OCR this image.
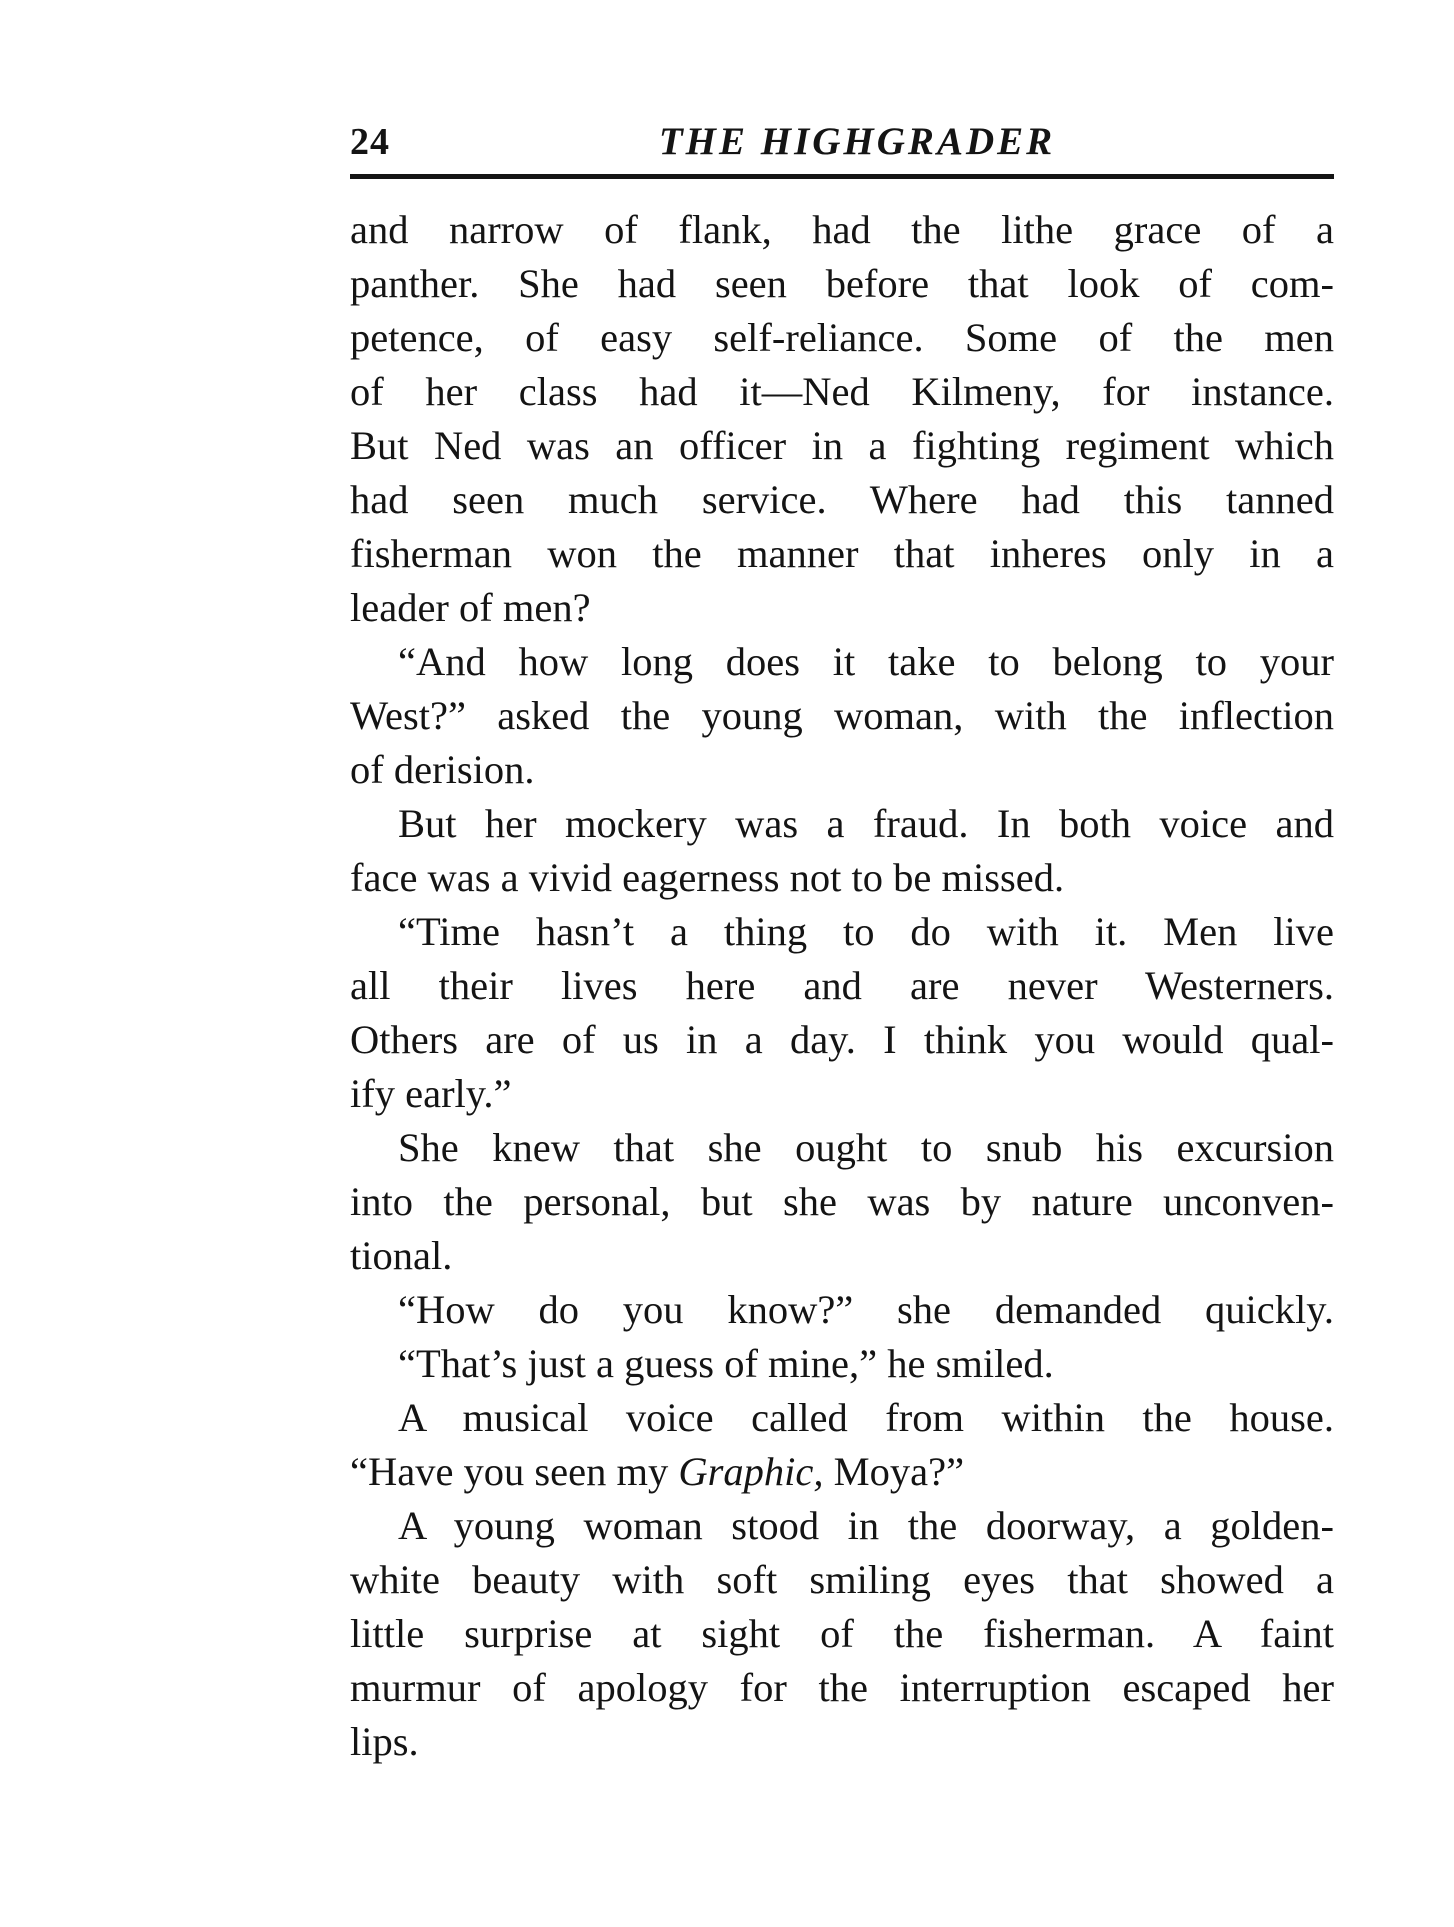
24	THE HIGHGRADER
and narrow of flank, had the lithe grace of a
panther. She had seen before that look of com-
petence, of easy self-reliance. Some of the men
of her class had it—Ned Kilmeny, for instance.
But Ned was an officer in a fighting regiment which
had seen much service. Where had this tanned
fisherman won the manner that inheres only in a
leader of men?
“And how long does it take to belong to your
West?” asked the young woman, with the inflection
of derision.
But her mockery was a fraud. In both voice and
face was a vivid eagerness not to be missed.
“Time hasn’t a thing to do with it. Men live
all their lives here and are never Westerners.
Others are of us in a day. I think you would qual-
ify early.”
She knew that she ought to snub his excursion
into the personal, but she was by nature unconven-
tional.
“How do you know?” she demanded quickly.
“That’s just a guess of mine,” he smiled.
A musical voice called from within the house.
“Have you seen my Graphic, Moya?”
A young woman stood in the doorway, a golden-
white beauty with soft smiling eyes that showed a
little surprise at sight of the fisherman. A faint
murmur of apology for the interruption escaped her
lips.
